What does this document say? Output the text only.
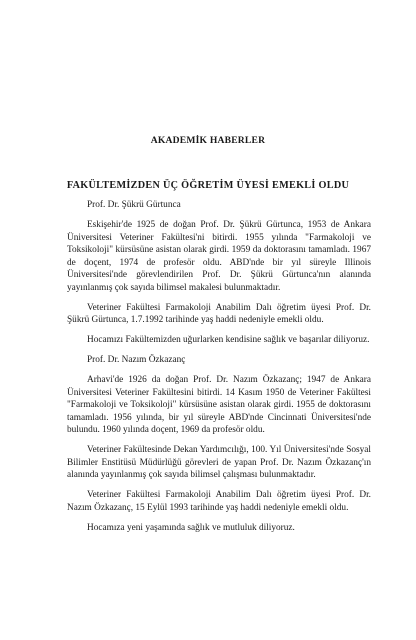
AKADEMİK HABERLER
FAKÜLTEMİZDEN ÜÇ ÖĞRETİM ÜYESİ EMEKLİ OLDU

Prof. Dr. Şükrü Gürtunca

Eskişehir'de 1925 de doğan Prof. Dr. Şükrü Gürtunca, 1953 de Ankara Üniversitesi Veteriner Fakültesi'ni bitirdi. 1955 yılında "Farmakoloji ve Toksikoloji" kürsüsüne asistan olarak girdi. 1959 da doktorasını tamamladı. 1967 de doçent, 1974 de profesör oldu. ABD'nde bir yıl süreyle Illinois Üniversitesi'nde görevlendirilen Prof. Dr. Şükrü Gürtunca'nın alanında yayınlanmış çok sayıda bilimsel makalesi bulunmaktadır.

Veteriner Fakültesi Farmakoloji Anabilim Dalı öğretim üyesi Prof. Dr. Şükrü Gürtunca, 1.7.1992 tarihinde yaş haddi nedeniyle emekli oldu.

Hocamızı Fakültemizden uğurlarken kendisine sağlık ve başarılar diliyoruz.

Prof. Dr. Nazım Özkazanç

Arhavi'de 1926 da doğan Prof. Dr. Nazım Özkazanç; 1947 de Ankara Üniversitesi Veteriner Fakültesini bitirdi. 14 Kasım 1950 de Veteriner Fakültesi "Farmakoloji ve Toksikoloji" kürsüsüne asistan olarak girdi. 1955 de doktorasını tamamladı. 1956 yılında, bir yıl süreyle ABD'nde Cincinnati Üniversitesi'nde bulundu. 1960 yılında doçent, 1969 da profesör oldu.

Veteriner Fakültesinde Dekan Yardımcılığı, 100. Yıl Üniversitesi'nde Sosyal Bilimler Enstitüsü Müdürlüğü görevleri de yapan Prof. Dr. Nazım Özkazanç'ın alanında yayınlanmış çok sayıda bilimsel çalışması bulunmaktadır.

Veteriner Fakültesi Farmakoloji Anabilim Dalı öğretim üyesi Prof. Dr. Nazım Özkazanç, 15 Eylül 1993 tarihinde yaş haddi nedeniyle emekli oldu.

Hocamıza yeni yaşamında sağlık ve mutluluk diliyoruz.
